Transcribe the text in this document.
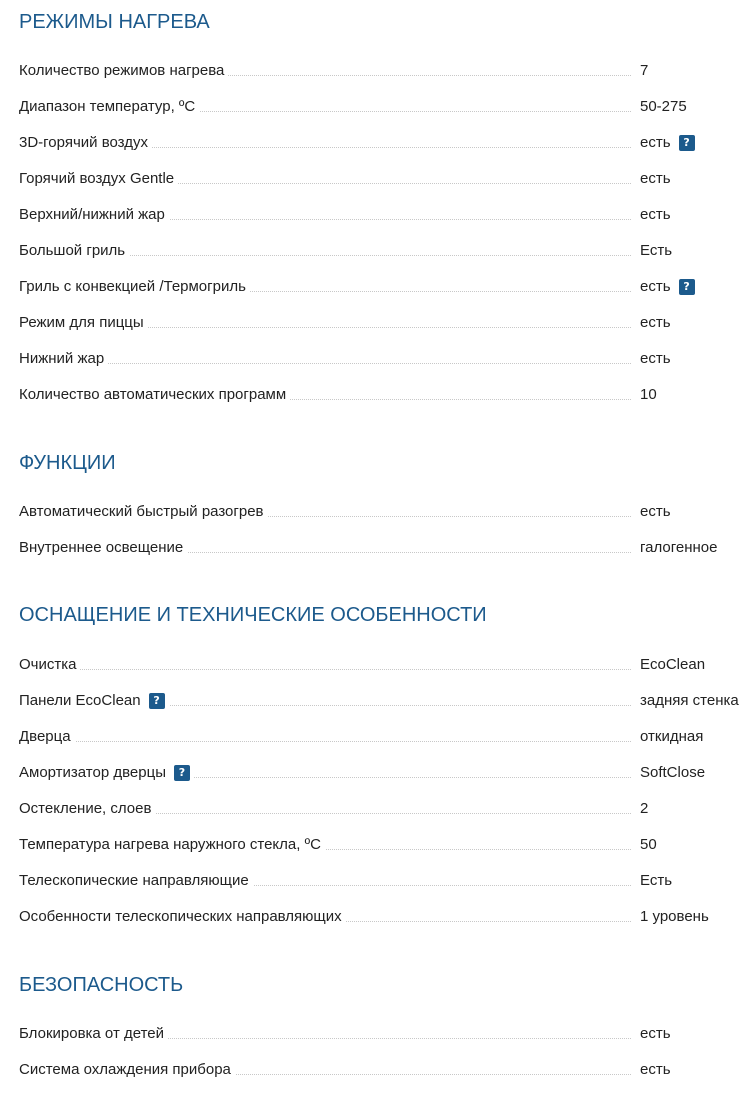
РЕЖИМЫ НАГРЕВА
Количество режимов нагрева	7
Диапазон температур, ºC	50-275
3D-горячий воздух	есть ?
Горячий воздух Gentle	есть
Верхний/нижний жар	есть
Большой гриль	Есть
Гриль с конвекцией /Термогриль	есть ?
Режим для пиццы	есть
Нижний жар	есть
Количество автоматических программ	10
ФУНКЦИИ
Автоматический быстрый разогрев	есть
Внутреннее освещение	галогенное
ОСНАЩЕНИЕ И ТЕХНИЧЕСКИЕ ОСОБЕННОСТИ
Очистка	EcoClean
Панели EcoClean ?	задняя стенка
Дверца	откидная
Амортизатор дверцы ?	SoftClose
Остекление, слоев	2
Температура нагрева наружного стекла, ºC	50
Телескопические направляющие	Есть
Особенности телескопических направляющих	1 уровень
БЕЗОПАСНОСТЬ
Блокировка от детей	есть
Система охлаждения прибора	есть
